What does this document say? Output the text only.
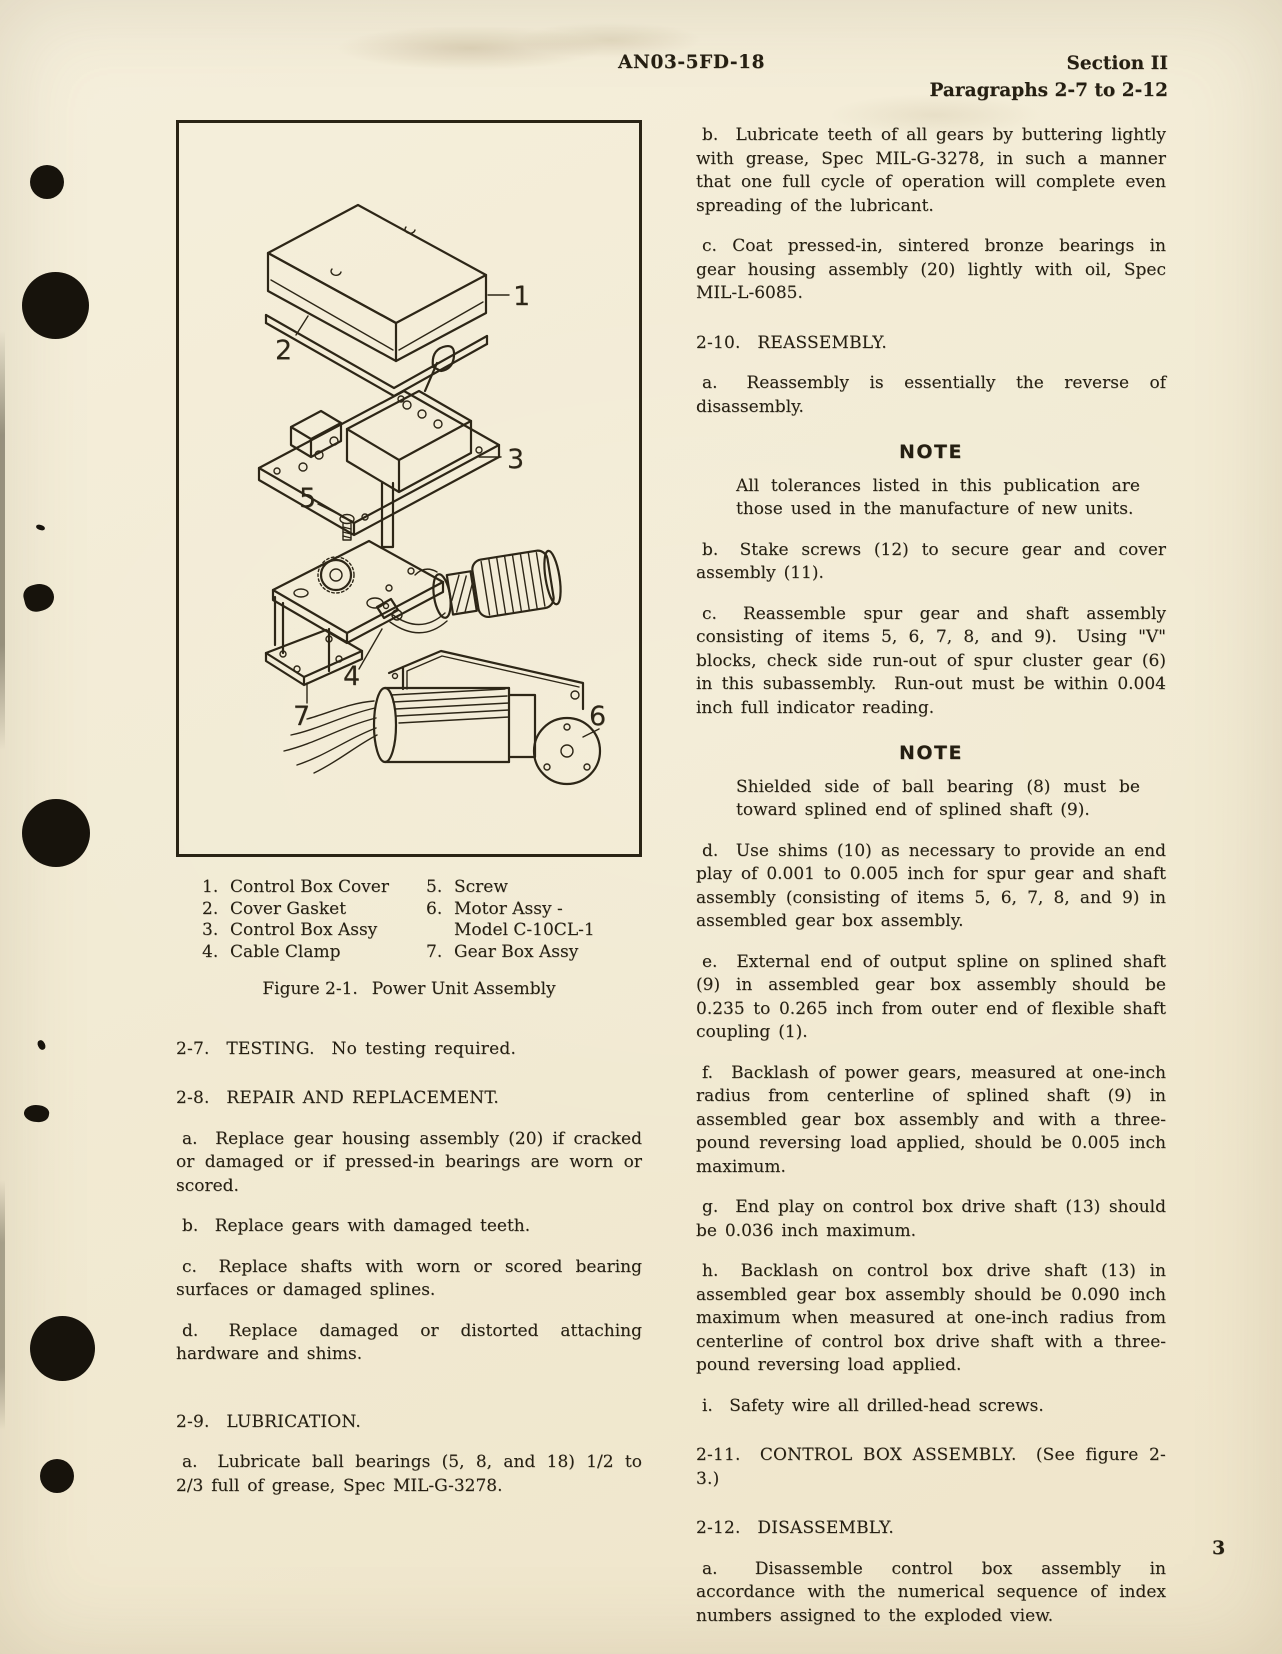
AN03-5FD-18	Section II
Paragraphs 2-7 to 2-12
1
2
3
4
5
6
7
1. Control Box Cover
2. Cover Gasket
3. Control Box Assy
4. Cable Clamp
5. Screw
6. Motor Assy -
Model C-10CL-1
7. Gear Box Assy
Figure 2-1.  Power Unit Assembly
2-7.  TESTING.  No testing required.
2-8.  REPAIR AND REPLACEMENT.
a.  Replace gear housing assembly (20) if cracked or damaged or if pressed-in bearings are worn or scored.
b.  Replace gears with damaged teeth.
c.  Replace shafts with worn or scored bearing surfaces or damaged splines.
d.  Replace damaged or distorted attaching hardware and shims.
2-9.  LUBRICATION.
a.  Lubricate ball bearings (5, 8, and 18) 1/2 to 2/3 full of grease, Spec MIL-G-3278.
b.  Lubricate teeth of all gears by buttering lightly with grease, Spec MIL-G-3278, in such a manner that one full cycle of operation will complete even spreading of the lubricant.
c. Coat pressed-in, sintered bronze bearings in gear housing assembly (20) lightly with oil, Spec MIL-L-6085.
2-10.  REASSEMBLY.
a.  Reassembly is essentially the reverse of disassembly.
NOTE
All tolerances listed in this publication are those used in the manufacture of new units.
b.  Stake screws (12) to secure gear and cover assembly (11).
c.  Reassemble spur gear and shaft assembly consisting of items 5, 6, 7, 8, and 9).  Using "V" blocks, check side run-out of spur cluster gear (6) in this subassembly.  Run-out must be within 0.004 inch full indicator reading.
NOTE
Shielded side of ball bearing (8) must be toward splined end of splined shaft (9).
d.  Use shims (10) as necessary to provide an end play of 0.001 to 0.005 inch for spur gear and shaft assembly (consisting of items 5, 6, 7, 8, and 9) in assembled gear box assembly.
e.  External end of output spline on splined shaft (9) in assembled gear box assembly should be 0.235 to 0.265 inch from outer end of flexible shaft coupling (1).
f.  Backlash of power gears, measured at one-inch radius from centerline of splined shaft (9) in assembled gear box assembly and with a three-pound reversing load applied, should be 0.005 inch maximum.
g.  End play on control box drive shaft (13) should be 0.036 inch maximum.
h.  Backlash on control box drive shaft (13) in assembled gear box assembly should be 0.090 inch maximum when measured at one-inch radius from centerline of control box drive shaft with a three-pound reversing load applied.
i.  Safety wire all drilled-head screws.
2-11.  CONTROL BOX ASSEMBLY.  (See figure 2-3.)
2-12.  DISASSEMBLY.
a.  Disassemble control box assembly in accordance with the numerical sequence of index numbers assigned to the exploded view.
3
